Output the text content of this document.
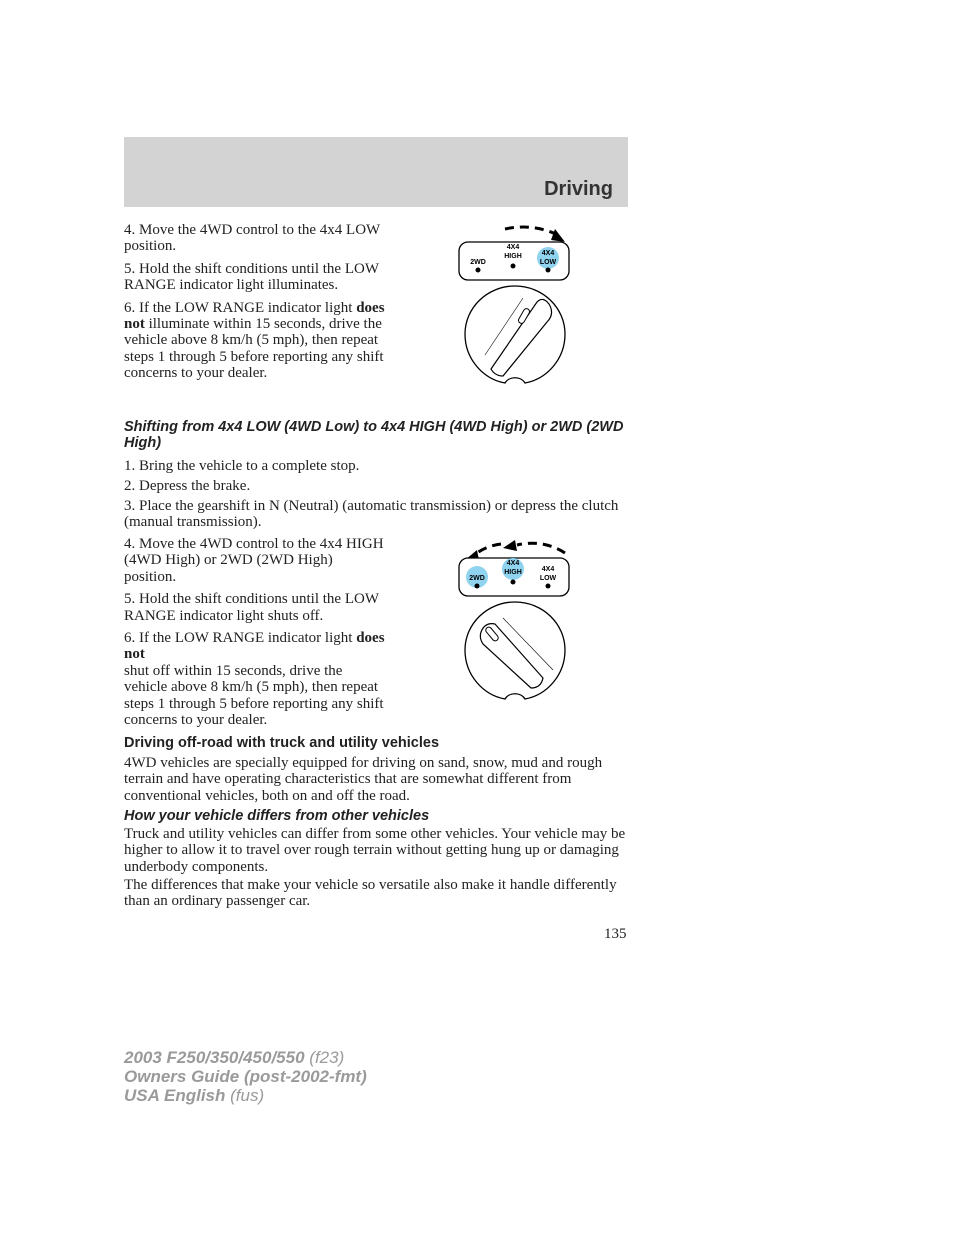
Driving

4. Move the 4WD control to the 4x4 LOW position.

5. Hold the shift conditions until the LOW RANGE indicator light illuminates.

6. If the LOW RANGE indicator light does not illuminate within 15 seconds, drive the vehicle above 8 km/h (5 mph), then repeat steps 1 through 5 before reporting any shift concerns to your dealer.

2WD
4X4
HIGH	4X4
LOW
Shifting from 4x4 LOW (4WD Low) to 4x4 HIGH (4WD High) or 2WD (2WD High)

1. Bring the vehicle to a complete stop.

2. Depress the brake.

3. Place the gearshift in N (Neutral) (automatic transmission) or depress the clutch (manual transmission).

4. Move the 4WD control to the 4x4 HIGH (4WD High) or 2WD (2WD High) position.

5. Hold the shift conditions until the LOW RANGE indicator light shuts off.

6. If the LOW RANGE indicator light does not

shut off within 15 seconds, drive the vehicle above 8 km/h (5 mph), then repeat steps 1 through 5 before reporting any shift concerns to your dealer.

2WD
4X4
HIGH	4X4
LOW
Driving off-road with truck and utility vehicles
4WD vehicles are specially equipped for driving on sand, snow, mud and rough terrain and have operating characteristics that are somewhat different from conventional vehicles, both on and off the road.
How your vehicle differs from other vehicles
Truck and utility vehicles can differ from some other vehicles. Your vehicle may be higher to allow it to travel over rough terrain without getting hung up or damaging underbody components.
The differences that make your vehicle so versatile also make it handle differently than an ordinary passenger car.
135
2003 F250/350/450/550 (f23)
Owners Guide (post-2002-fmt)
USA English (fus)
